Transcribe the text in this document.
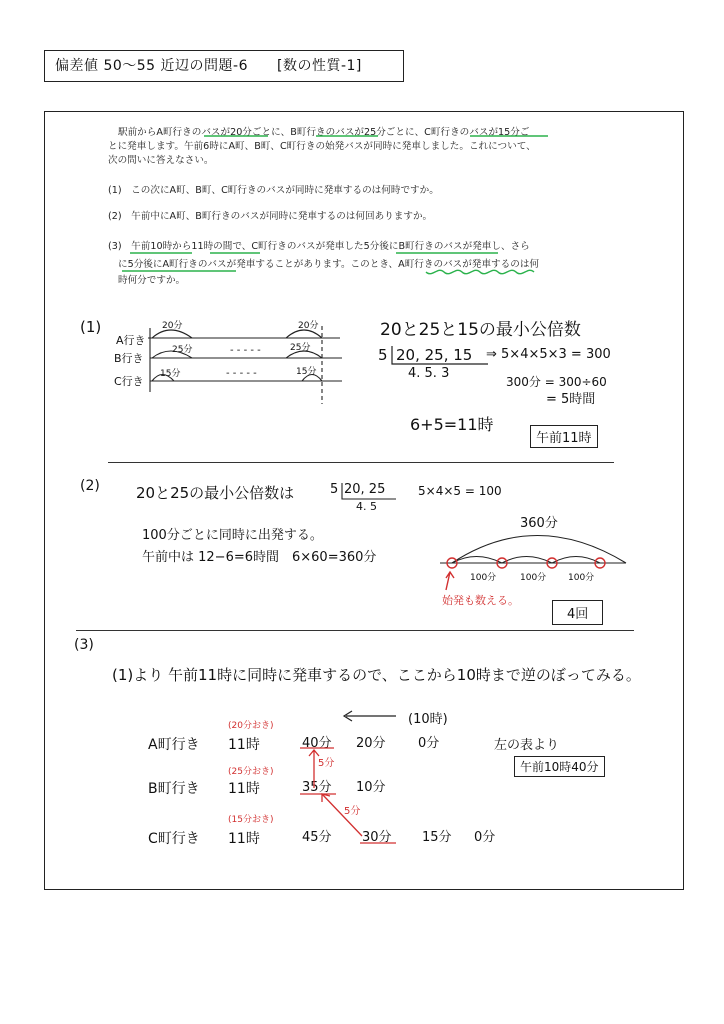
偏差値 50〜55 近辺の問題-6　　[数の性質-1]
駅前からA町行きのバスが20分ごとに、B町行きのバスが25分ごとに、C町行きのバスが15分ご
とに発車します。午前6時にA町、B町、C町行きの始発バスが同時に発車しました。これについて、
次の問いに答えなさい。
(1)　この次にA町、B町、C町行きのバスが同時に発車するのは何時ですか。
(2)　午前中にA町、B町行きのバスが同時に発車するのは何回ありますか。
(3)　午前10時から11時の間で、C町行きのバスが発車した5分後にB町行きのバスが発車し、さら
に5分後にA町行きのバスが発車することがあります。このとき、A町行きのバスが発車するのは何
時何分ですか。
(1)
A行き
B行き
C行き
20分
25分
15分
20分
25分
15分
- - - - -
- - - - -
20と25と15の最小公倍数
5 20, 25, 15
4. 5. 3
⇒ 5×4×5×3 = 300
300分 = 300÷60
= 5時間
6+5=11時
午前11時
(2) 20と25の最小公倍数は	5 20, 25
4. 5
5×4×5 = 100
100分ごとに同時に出発する。
午前中は 12−6=6時間　6×60=360分
360分
100分	100分 100分
始発も数える。
4回
(3)
(1)より 午前11時に同時に発車するので、ここから10時まで逆のぼってみる。
(10時)
A町行き
(20分おき)
11時	40分 20分 0分
B町行き
(25分おき)
11時	35分 10分
C町行き
(15分おき)
11時	45分 30分 15分 0分
5分
5分
左の表より
午前10時40分
